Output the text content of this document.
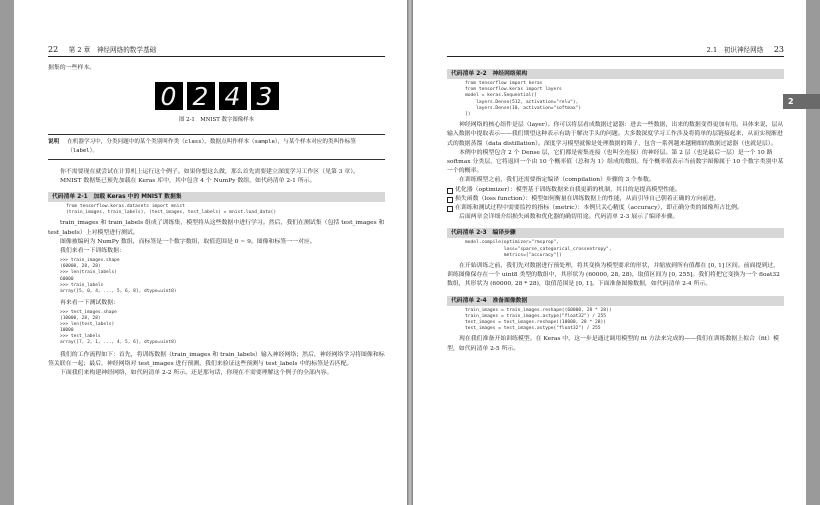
22 第 2 章　神经网络的数学基础

据集的一些样本。

0 2 4 3
图 2-1　MNIST 数字图像样本
说明 在机器学习中，分类问题中的某个类别叫作类（class），数据点叫作样本（sample），与某个样本对应的类叫作标签（label）。

你不需要现在就尝试在计算机上运行这个例子。如果你想这么做，那么首先需要建立深度学习工作区（见第 3 章）。

MNIST 数据集已预先加载在 Keras 库中，其中包含 4 个 NumPy 数组，如代码清单 2-1 所示。

代码清单 2-1　加载 Keras 中的 MNIST 数据集
from tensorflow.keras.datasets import mnist
(train_images, train_labels), (test_images, test_labels) = mnist.load_data()

train_images 和 train_labels 组成了训练集，模型将从这些数据中进行学习。然后，我们在测试集（包括 test_images 和 test_labels）上对模型进行测试。

图像被编码为 NumPy 数组，而标签是一个数字数组，取值范围是 0 ~ 9。图像和标签一一对应。

我们来看一下训练数据：

>>> train_images.shape
(60000, 28, 28)
>>> len(train_labels)
60000
>>> train_labels
array([5, 0, 4, ..., 5, 6, 8], dtype=uint8)

再来看一下测试数据：

>>> test_images.shape
(10000, 28, 28)
>>> len(test_labels)
10000
>>> test_labels
array([7, 2, 1, ..., 4, 5, 6], dtype=uint8)

我们的工作流程如下：首先，将训练数据（train_images 和 train_labels）输入神经网络；然后，神经网络学习将图像和标签关联在一起；最后，神经网络对 test_images 进行预测，我们来验证这些预测与 test_labels 中的标签是否匹配。

下面我们来构建神经网络，如代码清单 2-2 所示。还是那句话，你现在不需要理解这个例子的全部内容。

2.1　初识神经网络 23
代码清单 2-2　神经网络架构
from tensorflow import keras
from tensorflow.keras import layers
model = keras.Sequential([
layers.Dense(512, activation="relu"),
layers.Dense(10, activation="softmax")
])

神经网络的核心组件是层（layer）。你可以将层看成数据过滤器：进去一些数据，出来的数据变得更加有用。具体来说，层从输入数据中提取表示——我们期望这种表示有助于解决手头的问题。大多数深度学习工作涉及将简单的层链接起来，从而实现渐进式的数据蒸馏（data distillation）。深度学习模型就像是处理数据的筛子，包含一系列越来越精细的数据过滤器（也就是层）。

本例中的模型包含 2 个 Dense 层，它们都是密集连接（也叫全连接）的神经层。第 2 层（也是最后一层）是一个 10 路 softmax 分类层，它将返回一个由 10 个概率值（总和为 1）组成的数组。每个概率值表示当前数字图像属于 10 个数字类别中某一个的概率。

在训练模型之前，我们还需要指定编译（compilation）步骤的 3 个参数。

优化器（optimizer）：模型基于训练数据来自我更新的机制，其目的是提高模型性能。

损失函数（loss function）：模型如何衡量在训练数据上的性能，从而引导自己朝着正确的方向前进。

在训练和测试过程中需要监控的指标（metric）：本例只关心精度（accuracy），即正确分类的图像所占比例。

后面两章会详细介绍损失函数和优化器的确切用途。代码清单 2-3 展示了编译步骤。

代码清单 2-3　编译步骤
model.compile(optimizer="rmsprop",
loss="sparse_categorical_crossentropy",
metrics=["accuracy"])

在开始训练之前，我们先对数据进行预处理，将其变换为模型要求的形状，并缩放到所有值都在 [0, 1] 区间。前面提到过，训练图像保存在一个 uint8 类型的数组中，其形状为 (60000, 28, 28)，取值区间为 [0, 255]。我们将把它变换为一个 float32 数组，其形状为 (60000, 28 * 28)，取值范围是 [0, 1]。下面准备图像数据，如代码清单 2-4 所示。

代码清单 2-4　准备图像数据
train_images = train_images.reshape((60000, 28 * 28))
train_images = train_images.astype("float32") / 255
test_images = test_images.reshape((10000, 28 * 28))
test_images = test_images.astype("float32") / 255

现在我们准备开始训练模型。在 Keras 中，这一步是通过调用模型的 fit 方法来完成的——我们在训练数据上拟合（fit）模型，如代码清单 2-5 所示。

2
